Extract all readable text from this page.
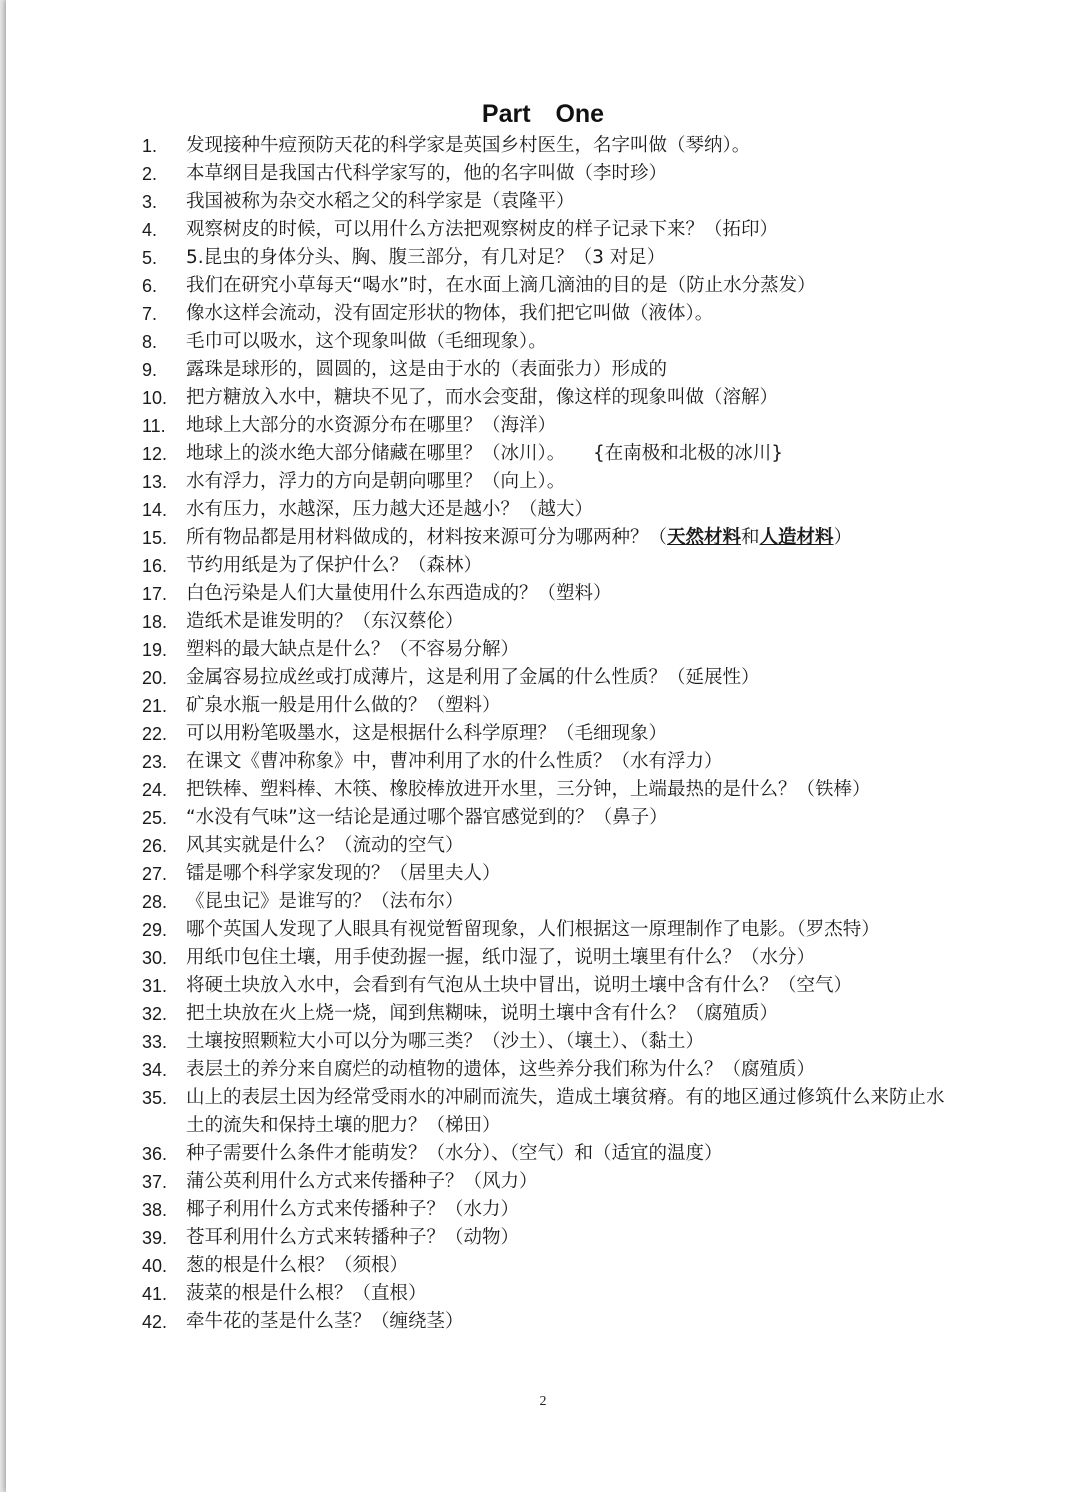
Part One
1.	发现接种牛痘预防天花的科学家是英国乡村医生，名字叫做（琴纳）。
2.	本草纲目是我国古代科学家写的，他的名字叫做（李时珍）
3.	我国被称为杂交水稻之父的科学家是（袁隆平）
4.	观察树皮的时候，可以用什么方法把观察树皮的样子记录下来？（拓印）
5.	5.昆虫的身体分头、胸、腹三部分，有几对足？（3 对足）
6.	我们在研究小草每天“喝水”时，在水面上滴几滴油的目的是（防止水分蒸发）
7.	像水这样会流动，没有固定形状的物体，我们把它叫做（液体）。
8.	毛巾可以吸水，这个现象叫做（毛细现象）。
9.	露珠是球形的，圆圆的，这是由于水的（表面张力）形成的
10.	把方糖放入水中，糖块不见了，而水会变甜，像这样的现象叫做（溶解）
11.	地球上大部分的水资源分布在哪里？（海洋）
12.	地球上的淡水绝大部分储藏在哪里？（冰川）。　　{在南极和北极的冰川}
13.	水有浮力，浮力的方向是朝向哪里？（向上）。
14.	水有压力，水越深，压力越大还是越小？（越大）
15.	所有物品都是用材料做成的，材料按来源可分为哪两种？（天然材料和人造材料）
16.	节约用纸是为了保护什么？（森林）
17.	白色污染是人们大量使用什么东西造成的？（塑料）
18.	造纸术是谁发明的？（东汉蔡伦）
19.	塑料的最大缺点是什么？（不容易分解）
20.	金属容易拉成丝或打成薄片，这是利用了金属的什么性质？（延展性）
21.	矿泉水瓶一般是用什么做的？（塑料）
22.	可以用粉笔吸墨水，这是根据什么科学原理？（毛细现象）
23.	在课文《曹冲称象》中，曹冲利用了水的什么性质？（水有浮力）
24.	把铁棒、塑料棒、木筷、橡胶棒放进开水里，三分钟，上端最热的是什么？（铁棒）
25.	“水没有气味”这一结论是通过哪个器官感觉到的？（鼻子）
26.	风其实就是什么？（流动的空气）
27.	镭是哪个科学家发现的？（居里夫人）
28.	《昆虫记》是谁写的？（法布尔）
29.	哪个英国人发现了人眼具有视觉暂留现象，人们根据这一原理制作了电影。（罗杰特）
30.	用纸巾包住土壤，用手使劲握一握，纸巾湿了，说明土壤里有什么？（水分）
31.	将硬土块放入水中，会看到有气泡从土块中冒出，说明土壤中含有什么？（空气）
32.	把土块放在火上烧一烧，闻到焦糊味，说明土壤中含有什么？（腐殖质）
33.	土壤按照颗粒大小可以分为哪三类？（沙土）、（壤土）、（黏土）
34.	表层土的养分来自腐烂的动植物的遗体，这些养分我们称为什么？（腐殖质）
35.	山上的表层土因为经常受雨水的冲刷而流失，造成土壤贫瘠。有的地区通过修筑什么来防止水土的流失和保持土壤的肥力？（梯田）
36.	种子需要什么条件才能萌发？（水分）、（空气）和（适宜的温度）
37.	蒲公英利用什么方式来传播种子？（风力）
38.	椰子利用什么方式来传播种子？（水力）
39.	苍耳利用什么方式来转播种子？（动物）
40.	葱的根是什么根？（须根）
41.	菠菜的根是什么根？（直根）
42.	牵牛花的茎是什么茎？（缠绕茎）
2
